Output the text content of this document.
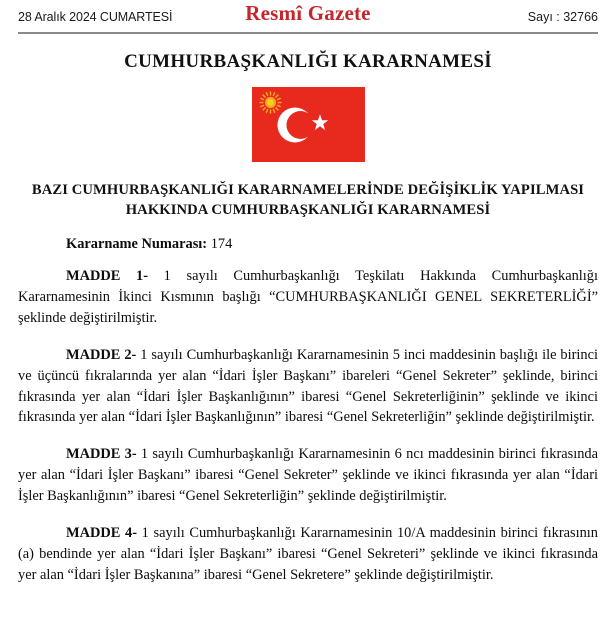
28 Aralık 2024 CUMARTESİ	Resmî Gazete	Sayı : 32766
CUMHURBAŞKANLIĞI KARARNAMESİ
BAZI CUMHURBAŞKANLIĞI KARARNAMELERİNDE DEĞİŞİKLİK YAPILMASI
HAKKINDA CUMHURBAŞKANLIĞI KARARNAMESİ
Kararname Numarası: 174

MADDE 1- 1 sayılı Cumhurbaşkanlığı Teşkilatı Hakkında Cumhurbaşkanlığı Kararnamesinin İkinci Kısmının başlığı “CUMHURBAŞKANLIĞI GENEL SEKRETERLİĞİ” şeklinde değiştirilmiştir.

MADDE 2- 1 sayılı Cumhurbaşkanlığı Kararnamesinin 5 inci maddesinin başlığı ile birinci ve üçüncü fıkralarında yer alan “İdari İşler Başkanı” ibareleri “Genel Sekreter” şeklinde, birinci fıkrasında yer alan “İdari İşler Başkanlığının” ibaresi “Genel Sekreterliğinin” şeklinde ve ikinci fıkrasında yer alan “İdari İşler Başkanlığının” ibaresi “Genel Sekreterliğin” şeklinde değiştirilmiştir.

MADDE 3- 1 sayılı Cumhurbaşkanlığı Kararnamesinin 6 ncı maddesinin birinci fıkrasında yer alan “İdari İşler Başkanı” ibaresi “Genel Sekreter” şeklinde ve ikinci fıkrasında yer alan “İdari İşler Başkanlığının” ibaresi “Genel Sekreterliğin” şeklinde değiştirilmiştir.

MADDE 4- 1 sayılı Cumhurbaşkanlığı Kararnamesinin 10/A maddesinin birinci fıkrasının (a) bendinde yer alan “İdari İşler Başkanı” ibaresi “Genel Sekreteri” şeklinde ve ikinci fıkrasında yer alan “İdari İşler Başkanına” ibaresi “Genel Sekretere” şeklinde değiştirilmiştir.
